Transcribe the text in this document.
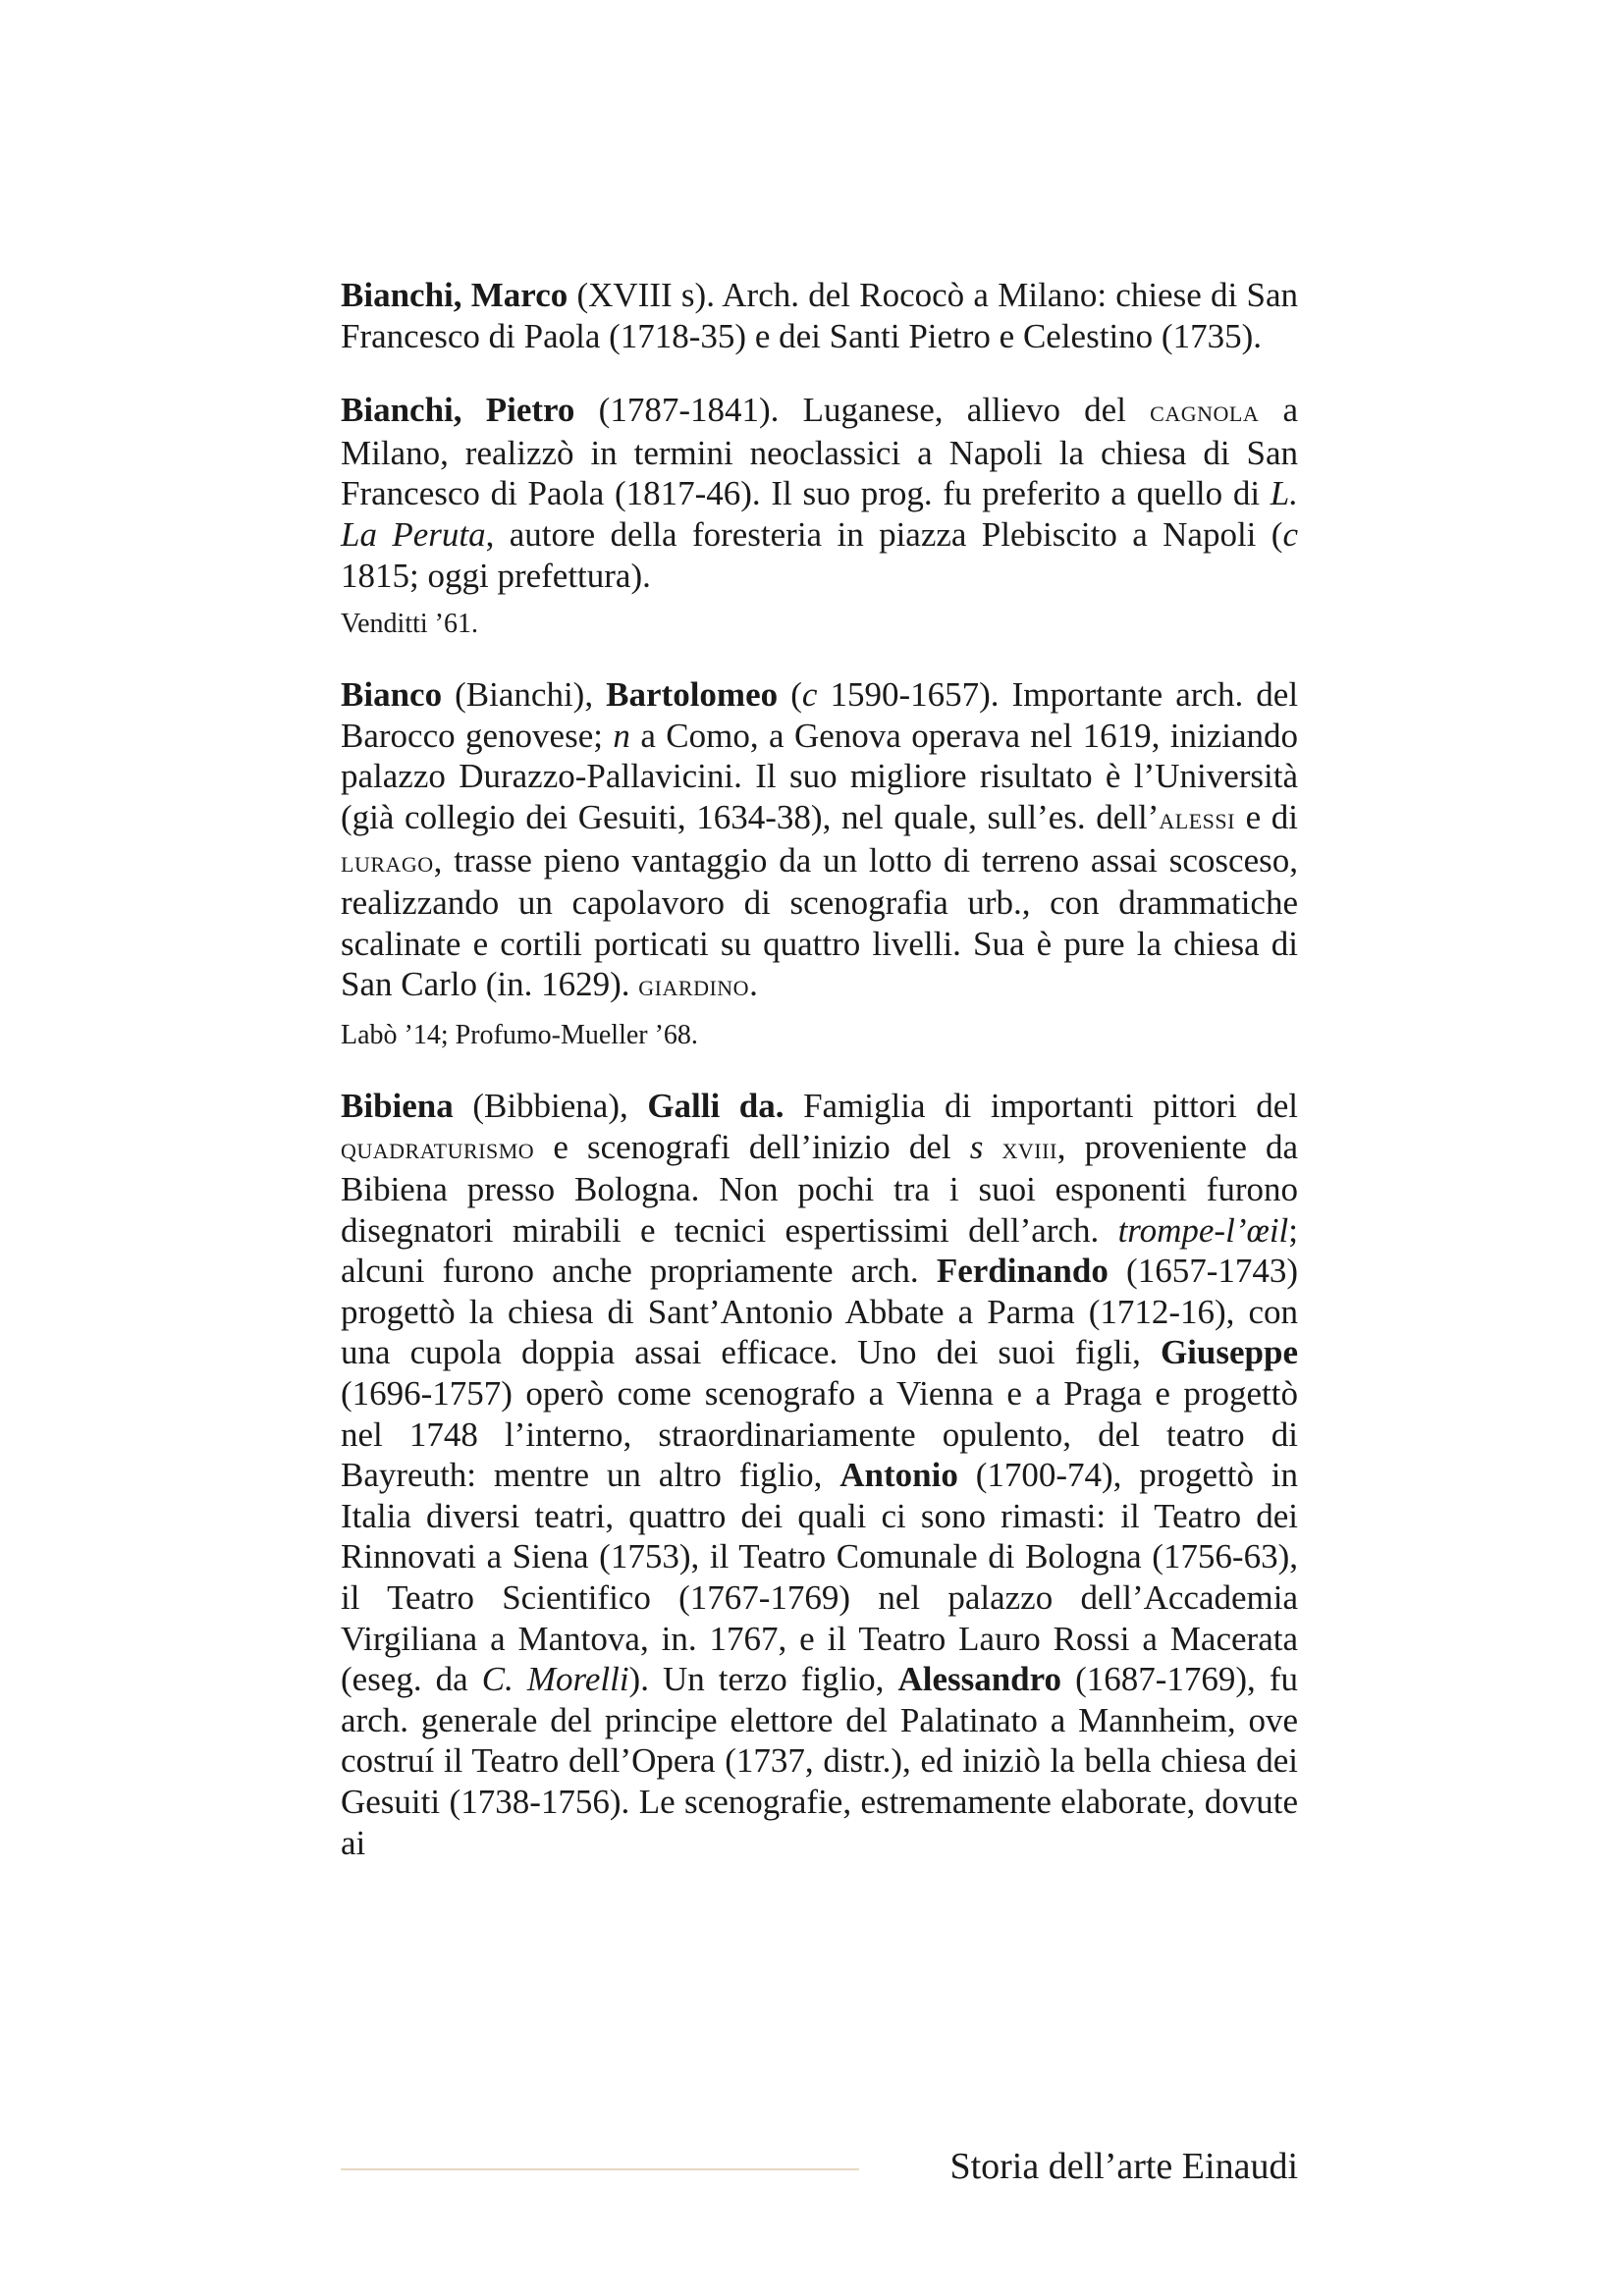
Bianchi, Marco (XVIII s). Arch. del Rococò a Milano: chiese di San Francesco di Paola (1718-35) e dei Santi Pietro e Celestino (1735).

Bianchi, Pietro (1787-1841). Luganese, allievo del cagnola a Milano, realizzò in termini neoclassici a Napoli la chiesa di San Francesco di Paola (1817-46). Il suo prog. fu preferito a quello di L. La Peruta, autore della foresteria in piazza Plebiscito a Napoli (c 1815; oggi prefettura).

Venditti ’61.

Bianco (Bianchi), Bartolomeo (c 1590-1657). Importante arch. del Barocco genovese; n a Como, a Genova operava nel 1619, iniziando palazzo Durazzo-Pallavicini. Il suo migliore risultato è l’Università (già collegio dei Gesuiti, 1634-38), nel quale, sull’es. dell’alessi e di lurago, trasse pieno vantaggio da un lotto di terreno assai scosceso, realizzando un capolavoro di scenografia urb., con drammatiche scalinate e cortili porticati su quattro livelli. Sua è pure la chiesa di San Carlo (in. 1629). giardino.

Labò ’14; Profumo-Mueller ’68.

Bibiena (Bibbiena), Galli da. Famiglia di importanti pittori del quadraturismo e scenografi dell’inizio del s xviii, proveniente da Bibiena presso Bologna. Non pochi tra i suoi esponenti furono disegnatori mirabili e tecnici espertissimi dell’arch. trompe-l’œil; alcuni furono anche propriamente arch. Ferdinando (1657-1743) progettò la chiesa di Sant’Antonio Abbate a Parma (1712-16), con una cupola doppia assai efficace. Uno dei suoi figli, Giuseppe (1696-1757) operò come scenografo a Vienna e a Praga e progettò nel 1748 l’interno, straordinariamente opulento, del teatro di Bayreuth: mentre un altro figlio, Antonio (1700-74), progettò in Italia diversi teatri, quattro dei quali ci sono rimasti: il Teatro dei Rinnovati a Siena (1753), il Teatro Comunale di Bologna (1756-63), il Teatro Scientifico (1767-1769) nel palazzo dell’Accademia Virgiliana a Mantova, in. 1767, e il Teatro Lauro Rossi a Macerata (eseg. da C. Morelli). Un terzo figlio, Alessandro (1687-1769), fu arch. generale del principe elettore del Palatinato a Mannheim, ove costruí il Teatro dell’Opera (1737, distr.), ed iniziò la bella chiesa dei Gesuiti (1738-1756). Le scenografie, estremamente elaborate, dovute ai

Storia dell’arte Einaudi
